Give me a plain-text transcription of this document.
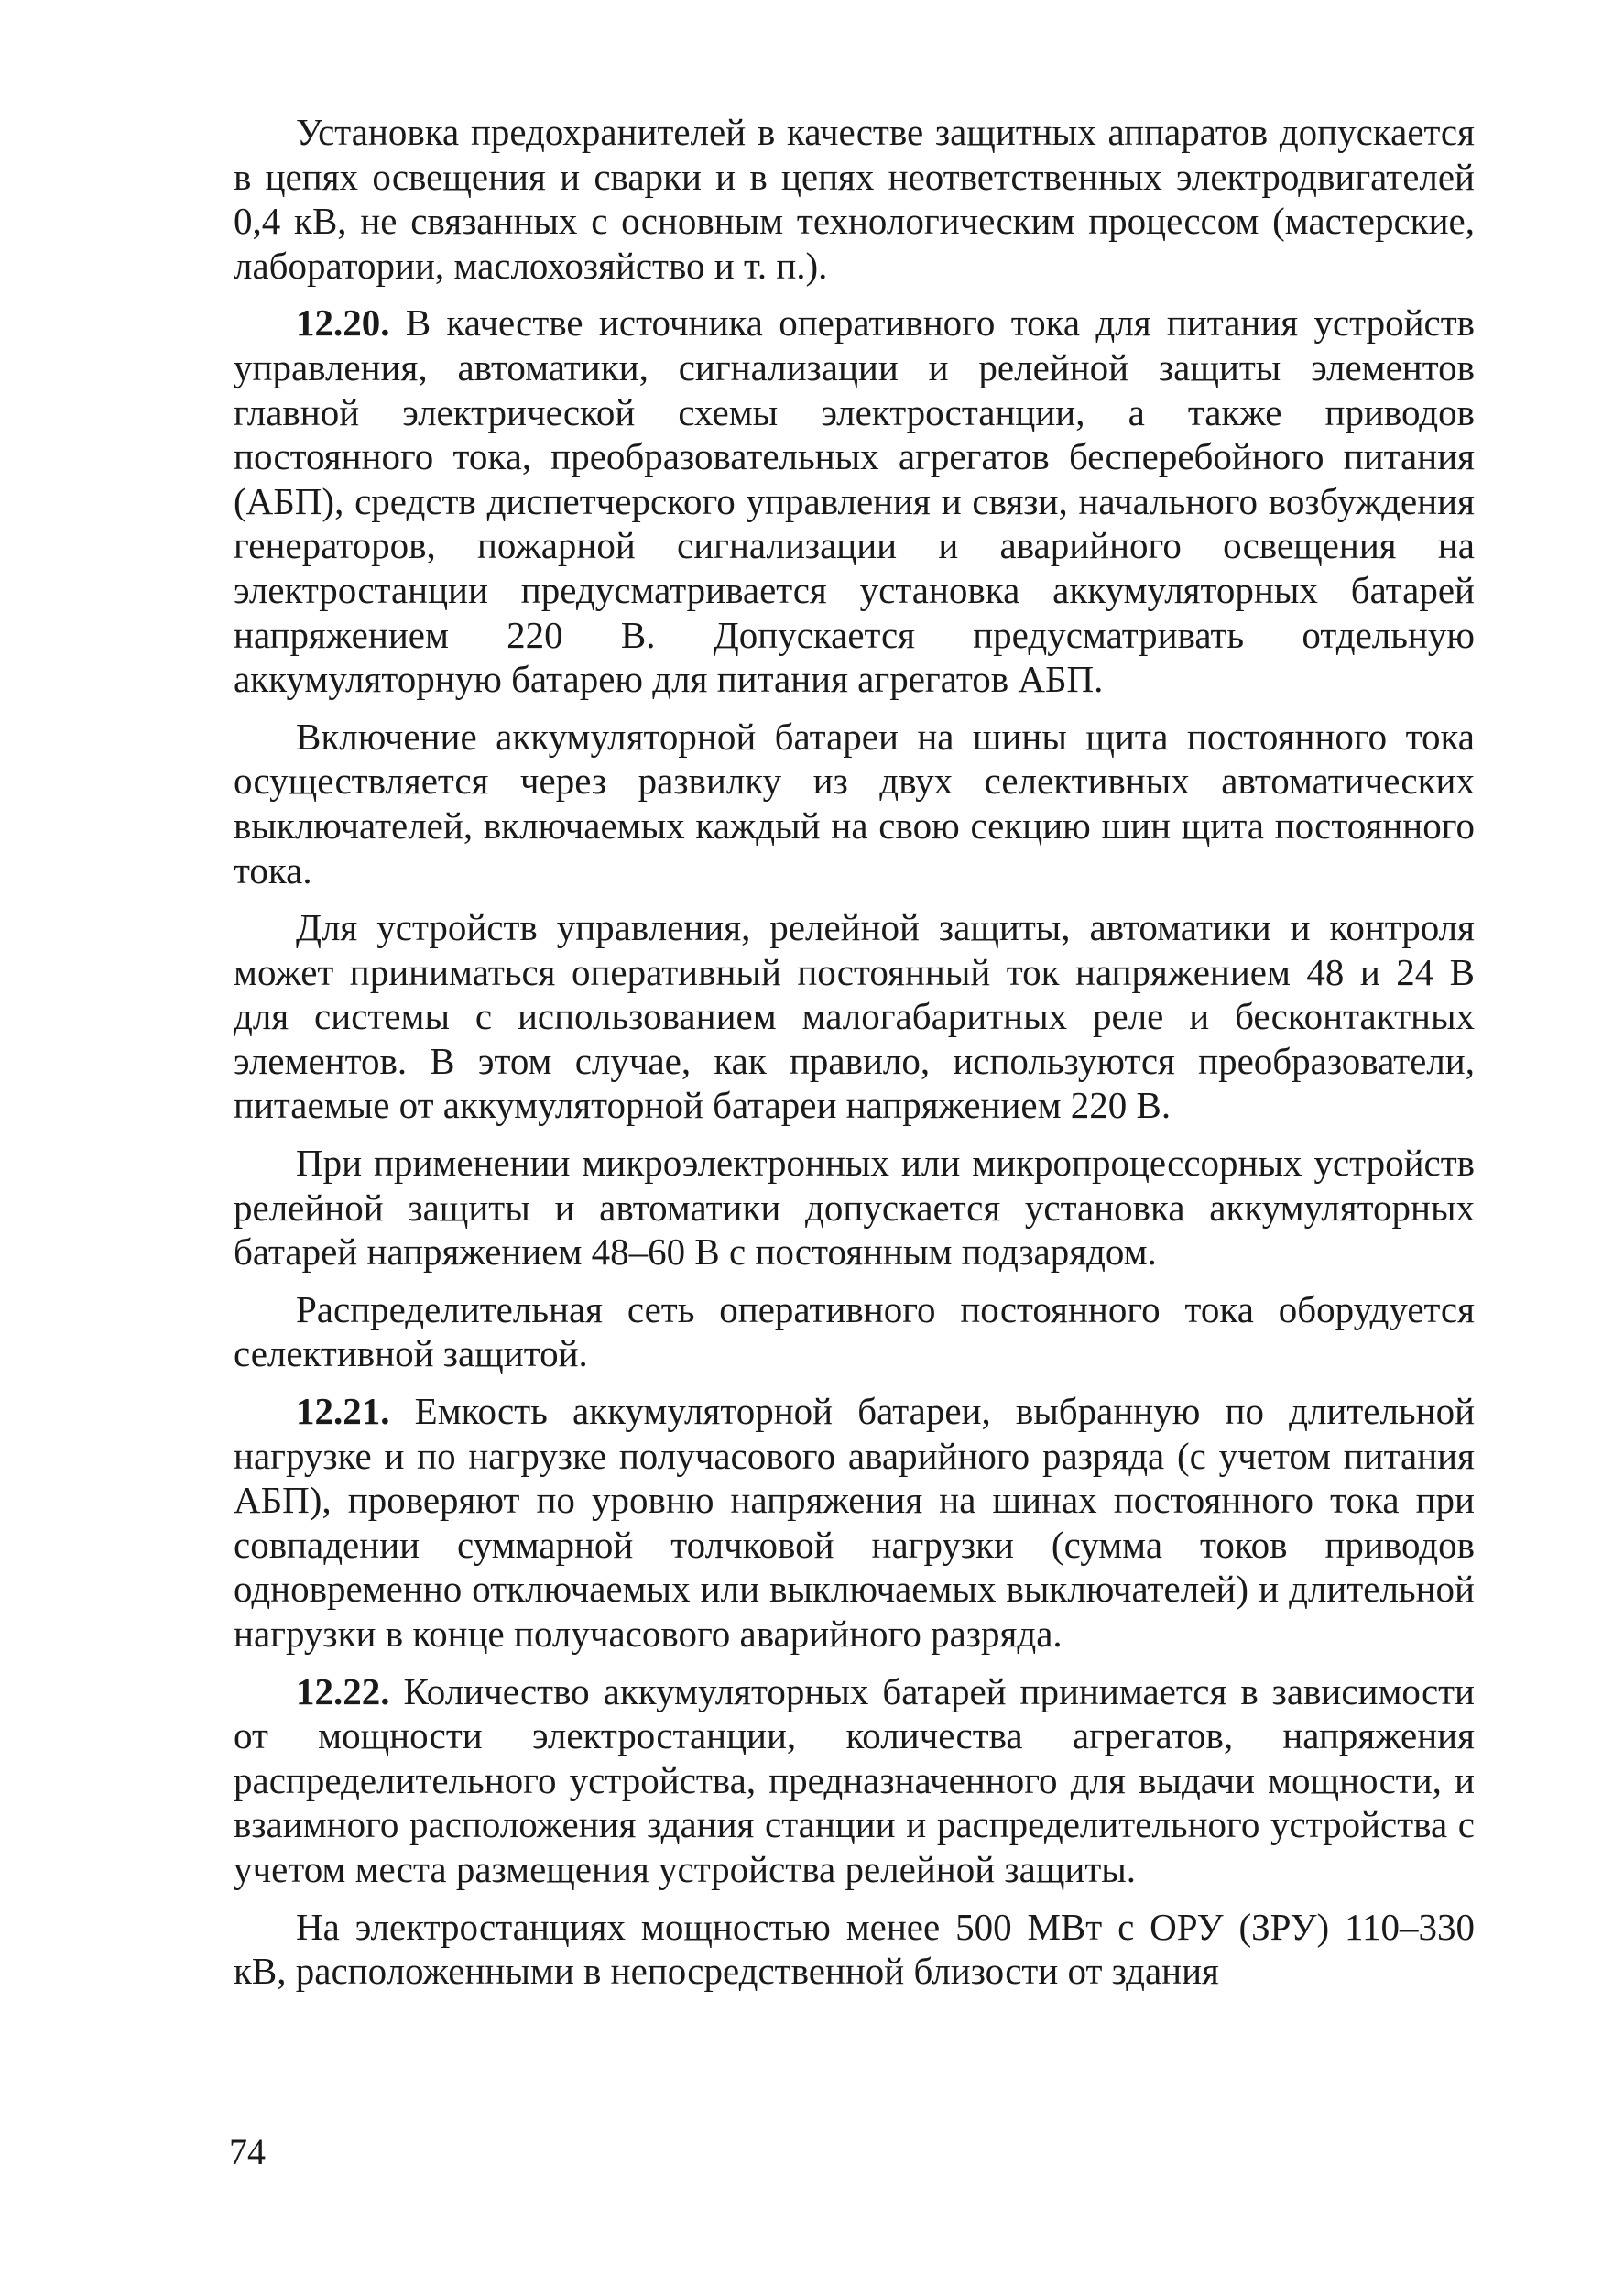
Установка предохранителей в качестве защитных аппаратов допускается в цепях освещения и сварки и в цепях неответственных электродвигателей 0,4 кВ, не связанных с основным технологическим процессом (мастерские, лаборатории, маслохозяйство и т. п.).

12.20. В качестве источника оперативного тока для питания устройств управления, автоматики, сигнализации и релейной защиты элементов главной электрической схемы электростанции, а также приводов постоянного тока, преобразовательных агрегатов бесперебойного питания (АБП), средств диспетчерского управления и связи, начального возбуждения генераторов, пожарной сигнализации и аварийного освещения на электростанции предусматривается установка аккумуляторных батарей напряжением 220 В. Допускается предусматривать отдельную аккумуляторную батарею для питания агрегатов АБП.

Включение аккумуляторной батареи на шины щита постоянного тока осуществляется через развилку из двух селективных автоматических выключателей, включаемых каждый на свою секцию шин щита постоянного тока.

Для устройств управления, релейной защиты, автоматики и контроля может приниматься оперативный постоянный ток напряжением 48 и 24 В для системы с использованием малогабаритных реле и бесконтактных элементов. В этом случае, как правило, используются преобразователи, питаемые от аккумуляторной батареи напряжением 220 В.

При применении микроэлектронных или микропроцессорных устройств релейной защиты и автоматики допускается установка аккумуляторных батарей напряжением 48–60 В с постоянным подзарядом.

Распределительная сеть оперативного постоянного тока оборудуется селективной защитой.

12.21. Емкость аккумуляторной батареи, выбранную по длительной нагрузке и по нагрузке получасового аварийного разряда (с учетом питания АБП), проверяют по уровню напряжения на шинах постоянного тока при совпадении суммарной толчковой нагрузки (сумма токов приводов одновременно отключаемых или выключаемых выключателей) и длительной нагрузки в конце получасового аварийного разряда.

12.22. Количество аккумуляторных батарей принимается в зависимости от мощности электростанции, количества агрегатов, напряжения распределительного устройства, предназначенного для выдачи мощности, и взаимного расположения здания станции и распределительного устройства с учетом места размещения устройства релейной защиты.

На электростанциях мощностью менее 500 МВт с ОРУ (ЗРУ) 110–330 кВ, расположенными в непосредственной близости от здания

74
